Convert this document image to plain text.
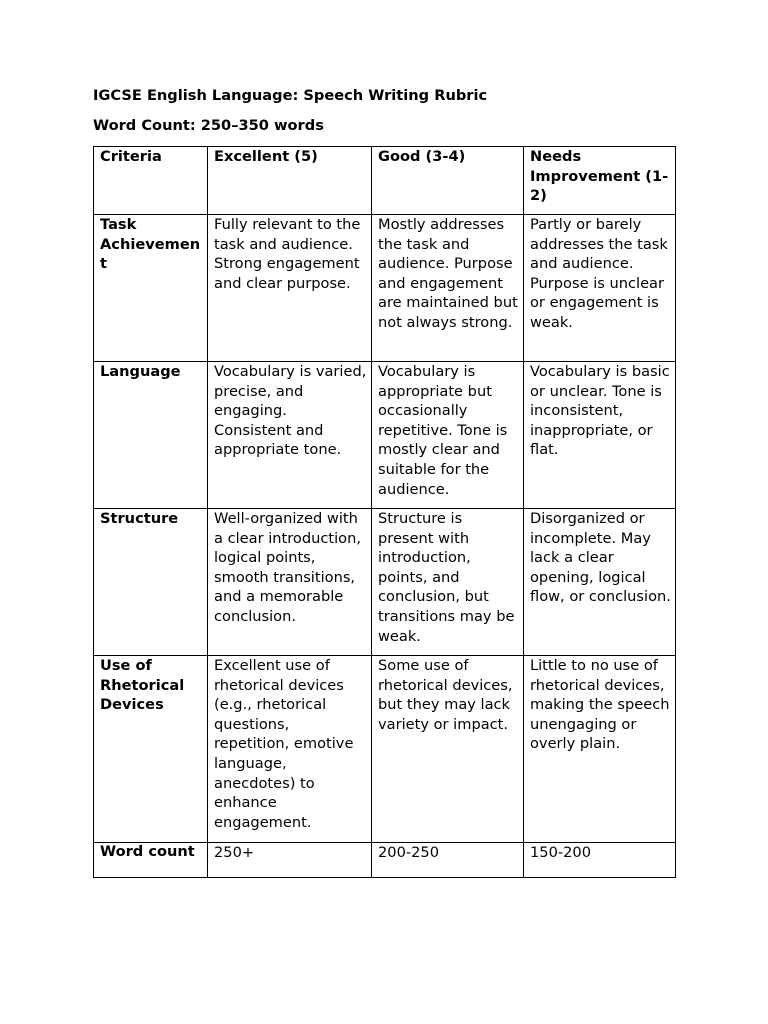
IGCSE English Language: Speech Writing Rubric
Word Count: 250–350 words
Criteria	Excellent (5)	Good (3-4)	Needs Improvement (1-2)
Task Achievement	Fully relevant to the task and audience. Strong engagement and clear purpose.	Mostly addresses the task and audience. Purpose and engagement are maintained but not always strong.	Partly or barely addresses the task and audience. Purpose is unclear or engagement is weak.
Language	Vocabulary is varied, precise, and engaging. Consistent and appropriate tone.	Vocabulary is appropriate but occasionally repetitive. Tone is mostly clear and suitable for the audience.	Vocabulary is basic or unclear. Tone is inconsistent, inappropriate, or flat.
Structure	Well-organized with a clear introduction, logical points, smooth transitions, and a memorable conclusion.	Structure is present with introduction, points, and conclusion, but transitions may be weak.	Disorganized or incomplete. May lack a clear opening, logical flow, or conclusion.
Use of Rhetorical Devices	Excellent use of rhetorical devices (e.g., rhetorical questions, repetition, emotive language, anecdotes) to enhance engagement.	Some use of rhetorical devices, but they may lack variety or impact.	Little to no use of rhetorical devices, making the speech unengaging or overly plain.
Word count	250+	200-250	150-200
